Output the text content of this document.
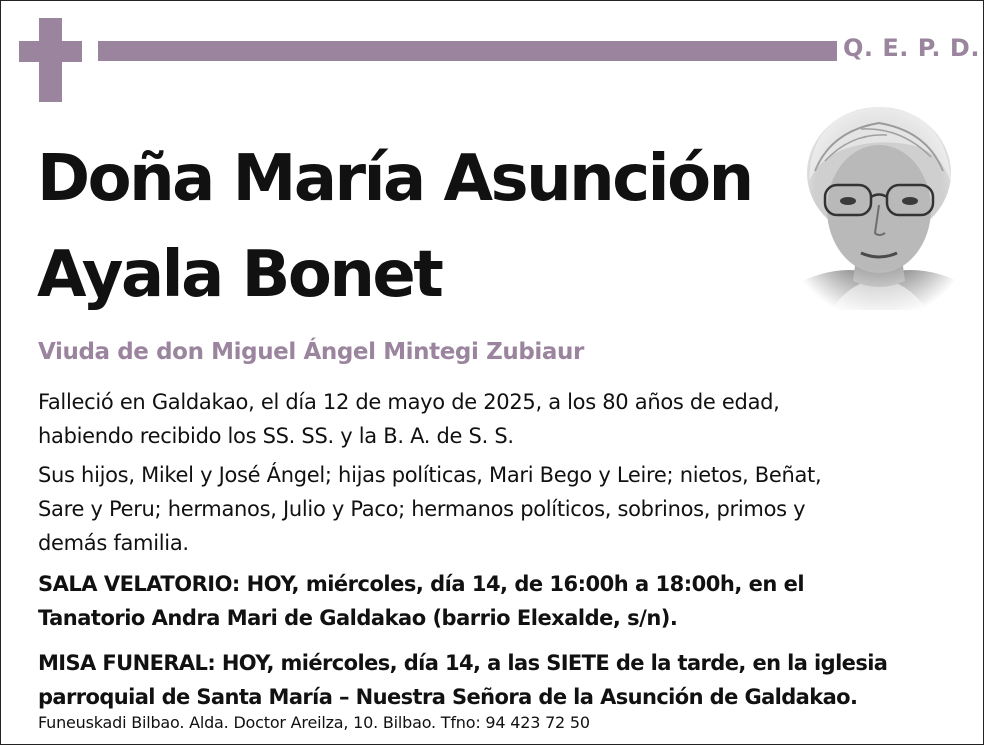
Q. E. P. D.
Doña María Asunción
Ayala Bonet
Viuda de don Miguel Ángel Mintegi Zubiaur
Falleció en Galdakao, el día 12 de mayo de 2025, a los 80 años de edad,
habiendo recibido los SS. SS. y la B. A. de S. S.
Sus hijos, Mikel y José Ángel; hijas políticas, Mari Bego y Leire; nietos, Beñat,
Sare y Peru; hermanos, Julio y Paco; hermanos políticos, sobrinos, primos y
demás familia.
SALA VELATORIO: HOY, miércoles, día 14, de 16:00h a 18:00h, en el
Tanatorio Andra Mari de Galdakao (barrio Elexalde, s/n).
MISA FUNERAL: HOY, miércoles, día 14, a las SIETE de la tarde, en la iglesia
parroquial de Santa María – Nuestra Señora de la Asunción de Galdakao.
Funeuskadi Bilbao. Alda. Doctor Areilza, 10. Bilbao. Tfno: 94 423 72 50
